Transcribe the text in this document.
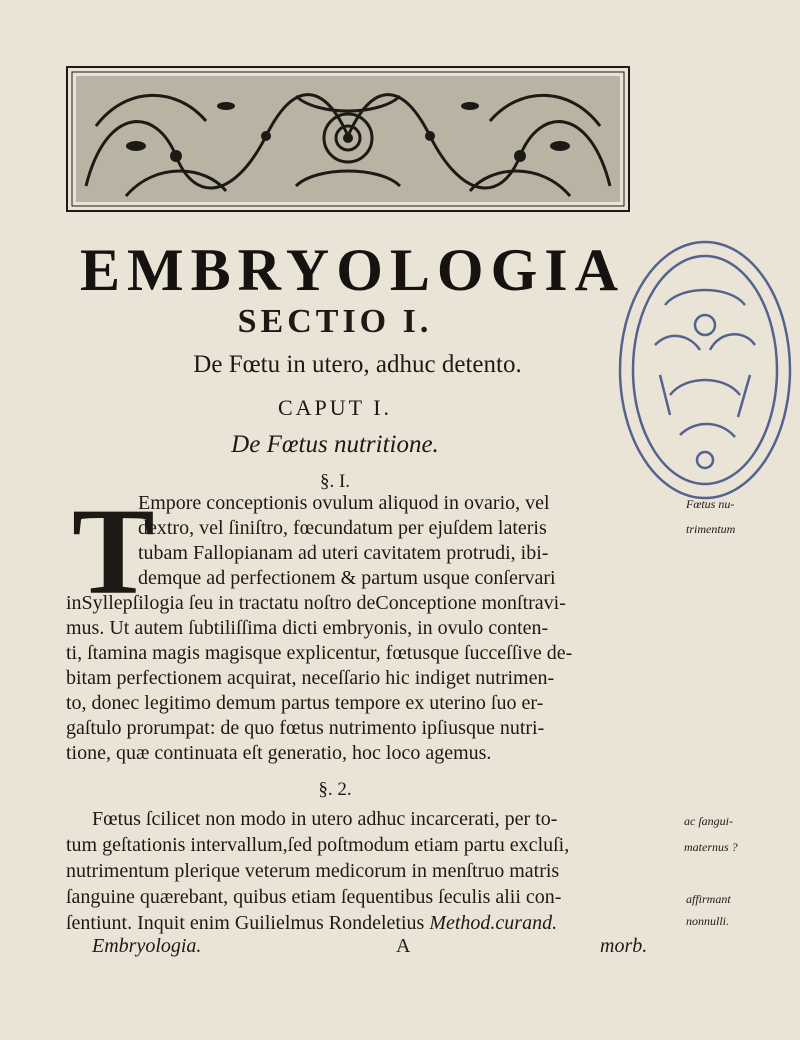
EMBRYOLOGIA
SECTIO I.
De Fœtu in utero, adhuc detento.
CAPUT I.
De Fœtus nutritione.
§. I.
T
Empore conceptionis ovulum aliquod in ovario, vel
dextro, vel ſiniſtro, fœcundatum per ejuſdem lateris
tubam Fallopianam ad uteri cavitatem protrudi, ibi-
demque ad perfectionem & partum usque conſervari
inSyllepſilogia ſeu in tractatu noſtro deConceptione monſtravi-
mus. Ut autem ſubtiliſſima dicti embryonis, in ovulo conten-
ti, ſtamina magis magisque explicentur, fœtusque ſucceſſive de-
bitam perfectionem acquirat, neceſſario hic indiget nutrimen-
to, donec legitimo demum partus tempore ex uterino ſuo er-
gaſtulo prorumpat: de quo fœtus nutrimento ipſiusque nutri-
tione, quæ continuata eſt generatio, hoc loco agemus.
Fœtus nu-
trimentum
§. 2.
Fœtus ſcilicet non modo in utero adhuc incarcerati, per to-
tum geſtationis intervallum,ſed poſtmodum etiam partu excluſi,
nutrimentum plerique veterum medicorum in menſtruo matris
ſanguine quærebant, quibus etiam ſequentibus ſeculis alii con-
ſentiunt. Inquit enim Guilielmus Rondeletius Method.curand.
ac ſangui-
maternus ?
affirmant
nonnulli.
Embryologia.	A	morb.
